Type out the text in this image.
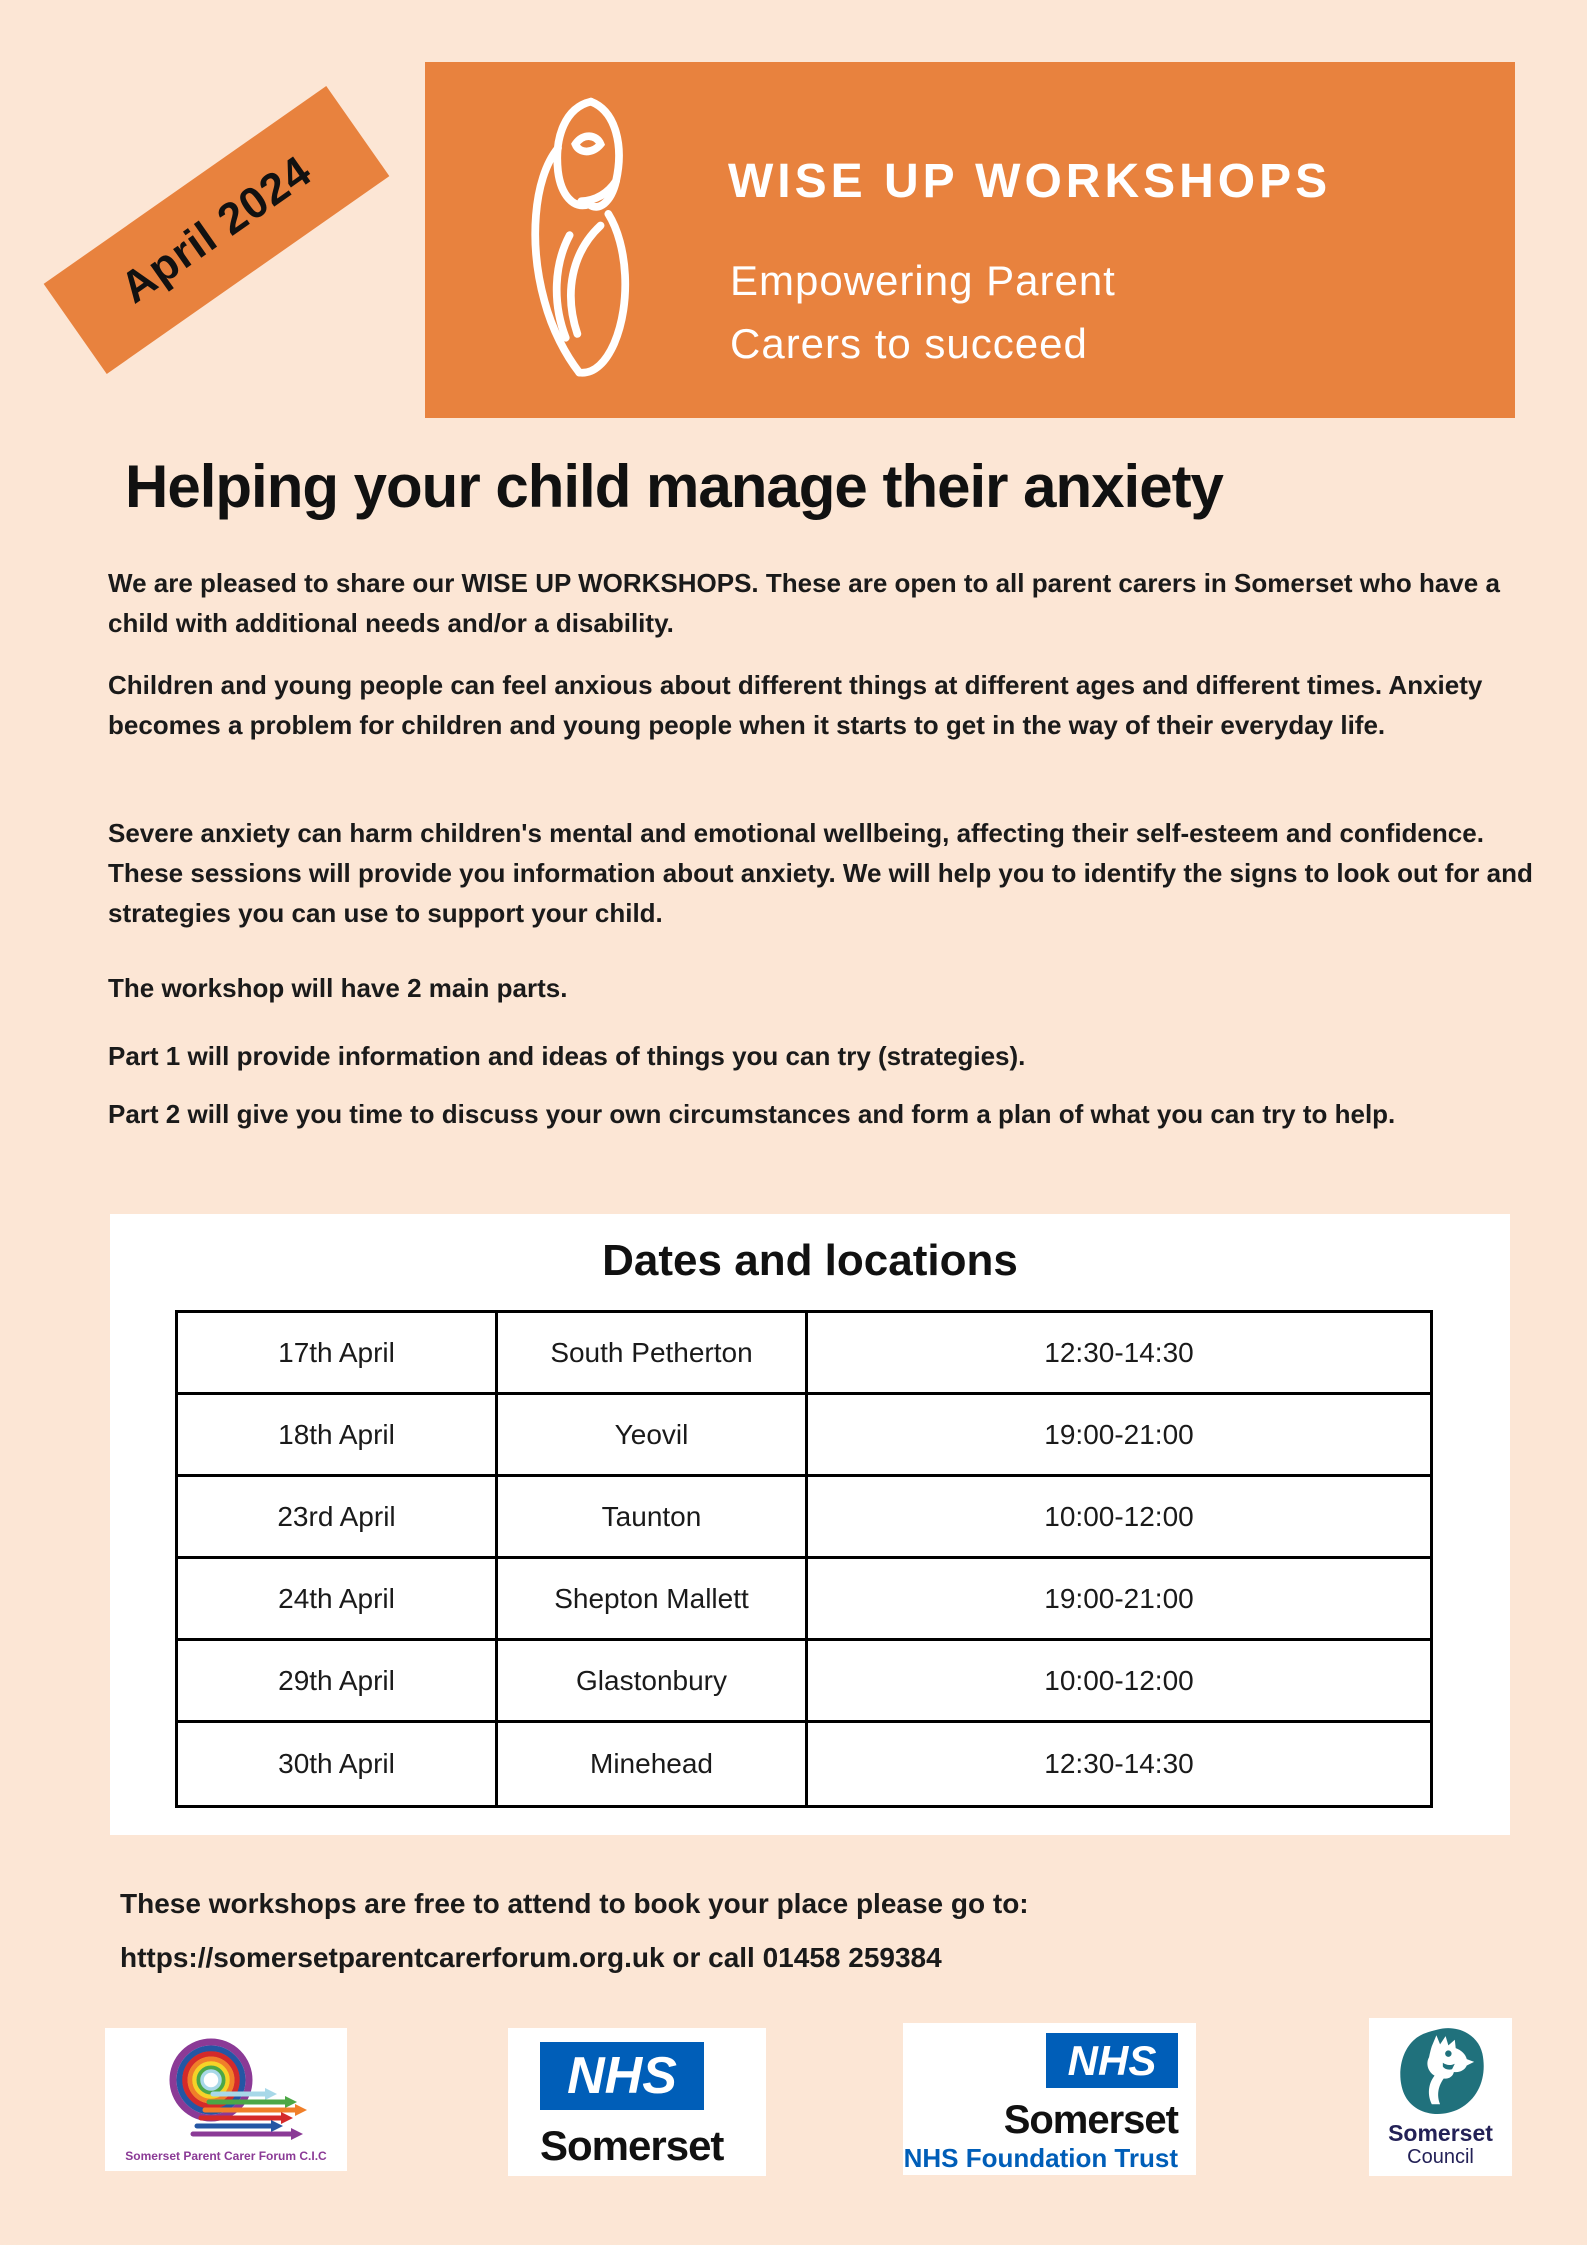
April 2024	WISE UP WORKSHOPS
Empowering Parent
Carers to succeed
Helping your child manage their anxiety

We are pleased to share our WISE UP WORKSHOPS. These are open to all parent carers in Somerset who have a child with additional needs and/or a disability.

Children and young people can feel anxious about different things at different ages and different times. Anxiety becomes a problem for children and young people when it starts to get in the way of their everyday life.

Severe anxiety can harm children's mental and emotional wellbeing, affecting their self-esteem and confidence. These sessions will provide you information about anxiety. We will help you to identify the signs to look out for and strategies you can use to support your child.

The workshop will have 2 main parts.

Part 1 will provide information and ideas of things you can try (strategies).

Part 2 will give you time to discuss your own circumstances and form a plan of what you can try to help.

Dates and locations
17th April	South Petherton	12:30-14:30
18th April	Yeovil	19:00-21:00
23rd April	Taunton	10:00-12:00
24th April	Shepton Mallett	19:00-21:00
29th April	Glastonbury	10:00-12:00
30th April	Minehead	12:30-14:30
These workshops are free to attend to book your place please go to:
https://somersetparentcarerforum.org.uk or call 01458 259384
Somerset Parent Carer Forum C.I.C
NHS
Somerset
NHS
Somerset
NHS Foundation Trust
Somerset
Council
